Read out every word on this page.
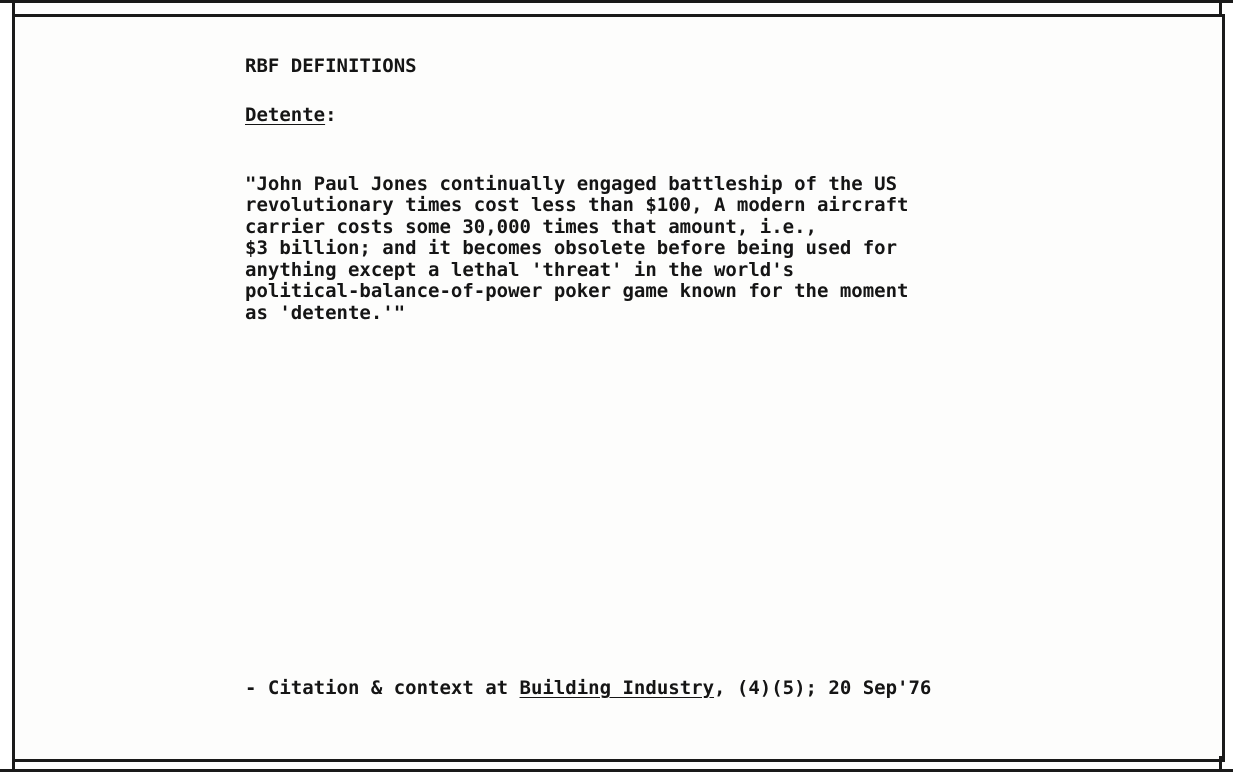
RBF DEFINITIONS
Detente:

"John Paul Jones continually engaged battleship of the US
revolutionary times cost less than $100, A modern aircraft
carrier costs some 30,000 times that amount, i.e.,
$3 billion; and it becomes obsolete before being used for
anything except a lethal 'threat' in the world's
political-balance-of-power poker game known for the moment
as 'detente.'"

- Citation & context at Building Industry, (4)(5); 20 Sep'76
